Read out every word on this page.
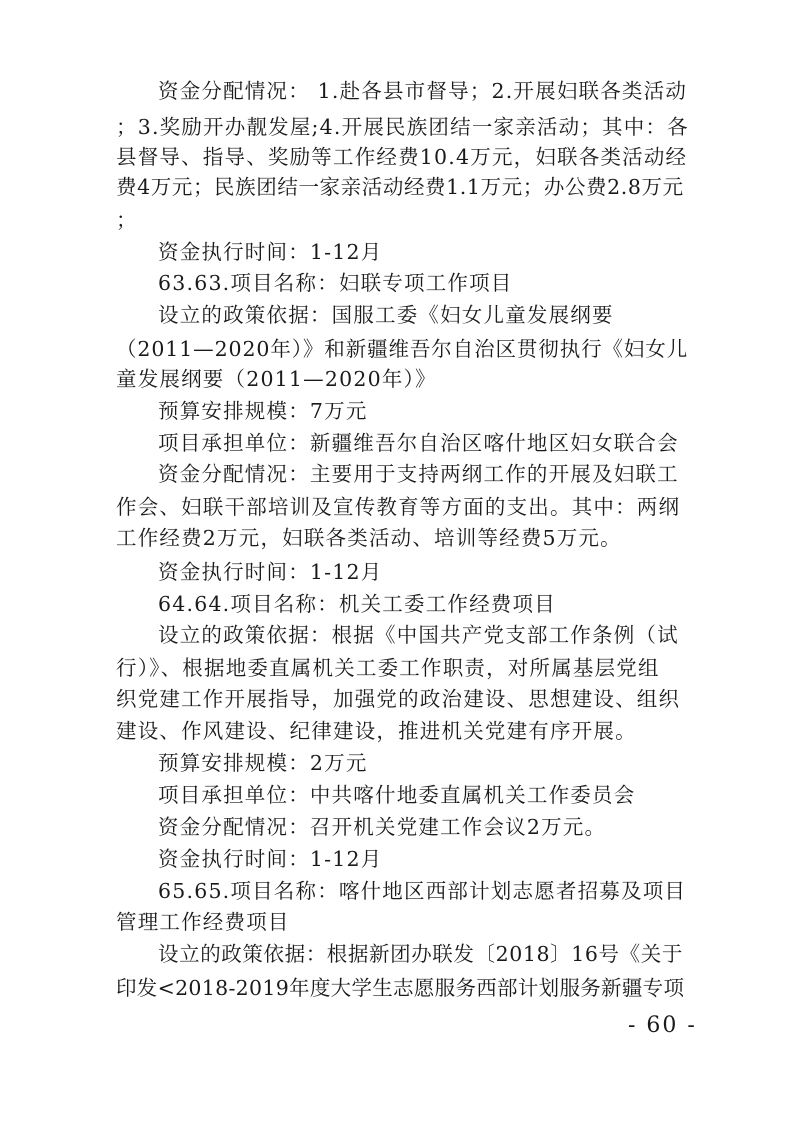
资金分配情况： 1.赴各县市督导；2.开展妇联各类活动
；3.奖励开办靓发屋;4.开展民族团结一家亲活动；其中：各
县督导、指导、奖励等工作经费10.4万元，妇联各类活动经
费4万元；民族团结一家亲活动经费1.1万元；办公费2.8万元
；
资金执行时间：1-12月
63.63.项目名称：妇联专项工作项目
设立的政策依据：国服工委《妇女儿童发展纲要
（2011—2020年）》和新疆维吾尔自治区贯彻执行《妇女儿
童发展纲要（2011—2020年）》
预算安排规模：7万元
项目承担单位：新疆维吾尔自治区喀什地区妇女联合会
资金分配情况：主要用于支持两纲工作的开展及妇联工
作会、妇联干部培训及宣传教育等方面的支出。其中：两纲
工作经费2万元，妇联各类活动、培训等经费5万元。
资金执行时间：1-12月
64.64.项目名称：机关工委工作经费项目
设立的政策依据：根据《中国共产党支部工作条例（试
行）》、根据地委直属机关工委工作职责，对所属基层党组
织党建工作开展指导，加强党的政治建设、思想建设、组织
建设、作风建设、纪律建设，推进机关党建有序开展。
预算安排规模：2万元
项目承担单位：中共喀什地委直属机关工作委员会
资金分配情况：召开机关党建工作会议2万元。
资金执行时间：1-12月
65.65.项目名称：喀什地区西部计划志愿者招募及项目
管理工作经费项目
设立的政策依据：根据新团办联发〔2018〕16号《关于
印发<2018-2019年度大学生志愿服务西部计划服务新疆专项
- 60 -
